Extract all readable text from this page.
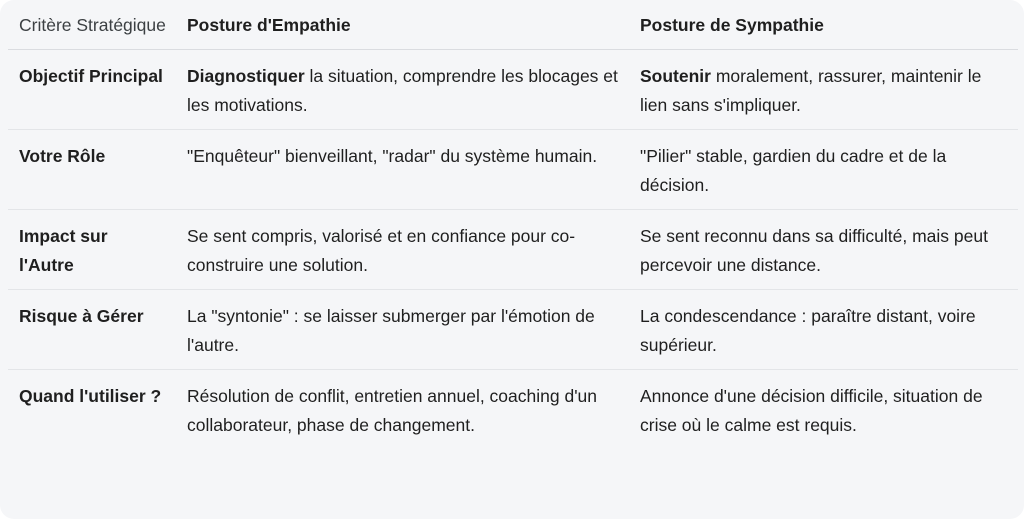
Critère Stratégique	Posture d'Empathie	Posture de Sympathie
Objectif Principal	Diagnostiquer la situation, comprendre les blocages et les motivations.	Soutenir moralement, rassurer, maintenir le lien sans s'impliquer.
Votre Rôle	"Enquêteur" bienveillant, "radar" du système humain.	"Pilier" stable, gardien du cadre et de la décision.
Impact sur l'Autre	Se sent compris, valorisé et en confiance pour co-construire une solution.	Se sent reconnu dans sa difficulté, mais peut percevoir une distance.
Risque à Gérer	La "syntonie" : se laisser submerger par l'émotion de l'autre.	La condescendance : paraître distant, voire supérieur.
Quand l'utiliser ?	Résolution de conflit, entretien annuel, coaching d'un collaborateur, phase de changement.	Annonce d'une décision difficile, situation de crise où le calme est requis.
